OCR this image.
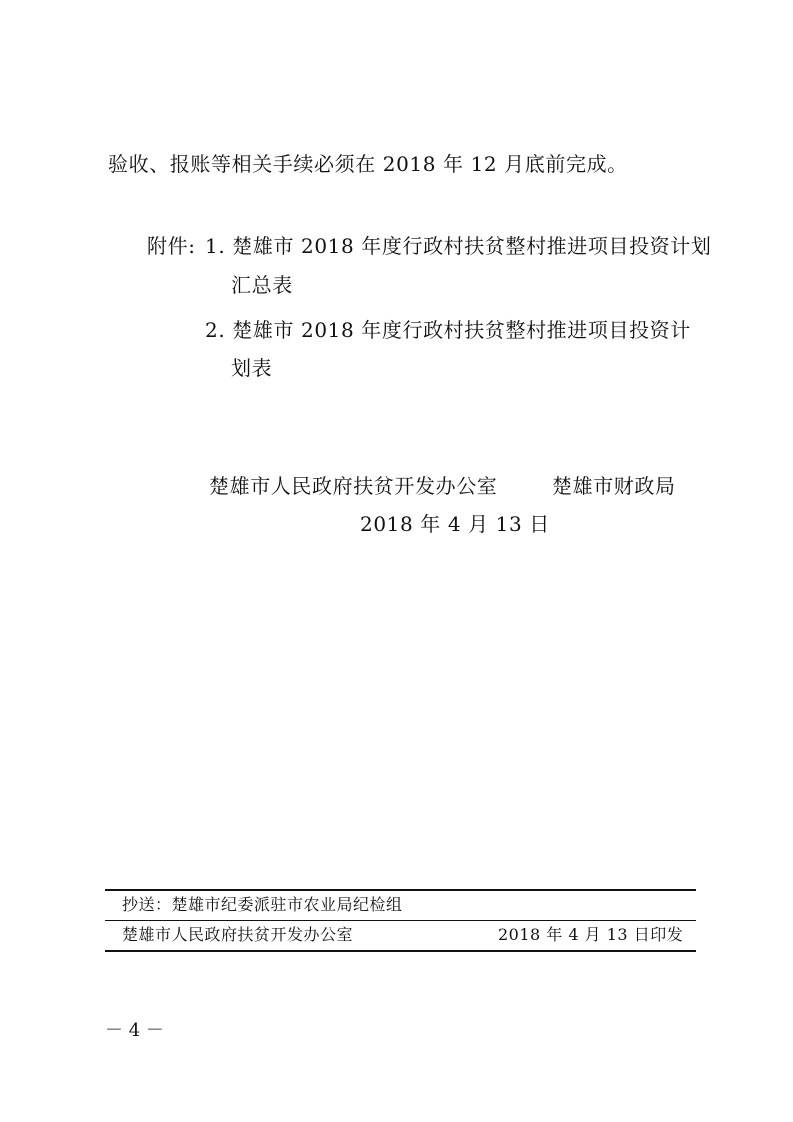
验收、报账等相关手续必须在 2018 年 12 月底前完成。
附件: 1. 楚雄市 2018 年度行政村扶贫整村推进项目投资计划
汇总表
2. 楚雄市 2018 年度行政村扶贫整村推进项目投资计
划表
楚雄市人民政府扶贫开发办公室	楚雄市财政局
2018 年 4 月 13 日
抄送：楚雄市纪委派驻市农业局纪检组
楚雄市人民政府扶贫开发办公室	2018 年 4 月 13 日印发
－ 4 －
